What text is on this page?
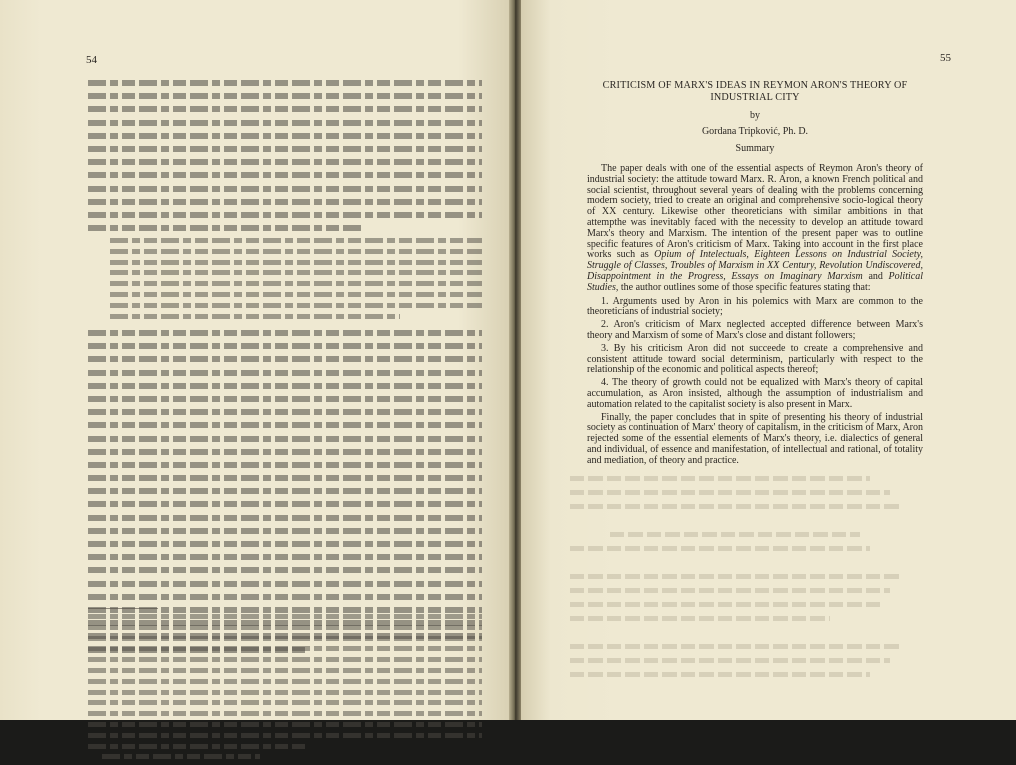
54	55
CRITICISM OF MARX'S IDEAS IN REYMON ARON'S THEORY OF INDUSTRIAL CITY
by
Gordana Tripković, Ph. D.
Summary

The paper deals with one of the essential aspects of Reymon Aron's theory of industrial society: the attitude toward Marx. R. Aron, a known French political and social scientist, throughout several years of dealing with the problems concerning modern society, tried to create an original and comprehensive socio-logical theory of XX century. Likewise other theoreticians with similar ambitions in that attempthe was inevitably faced with the necessity to develop an attitude toward Marx's theory and Marxism. The intention of the present paper was to outline specific features of Aron's criticism of Marx. Taking into account in the first place works such as Opium of Intelectuals, Eighteen Lessons on Industrial Society, Struggle of Classes, Troubles of Marxism in XX Century, Revolution Undiscovered, Disappointment in the Progress, Essays on Imaginary Marxism and Political Studies, the author outlines some of those specific features stating that:

1. Arguments used by Aron in his polemics with Marx are common to the theoreticians of industrial society;

2. Aron's criticism of Marx neglected accepted difference between Marx's theory and Marxism of some of Marx's close and distant followers;

3. By his criticism Aron did not succeede to create a comprehensive and consistent attitude toward social determinism, particularly with respect to the relationship of the economic and political aspects thereof;

4. The theory of growth could not be equalized with Marx's theory of capital accumulation, as Aron insisted, although the assumption of industrialism and automation related to the capitalist society is also present in Marx.

Finally, the paper concludes that in spite of presenting his theory of industrial society as continuation of Marx' theory of capitalism, in the criticism of Marx, Aron rejected some of the essential elements of Marx's theory, i.e. dialectics of general and individual, of essence and manifestation, of intellectual and rational, of totality and mediation, of theory and practice.
